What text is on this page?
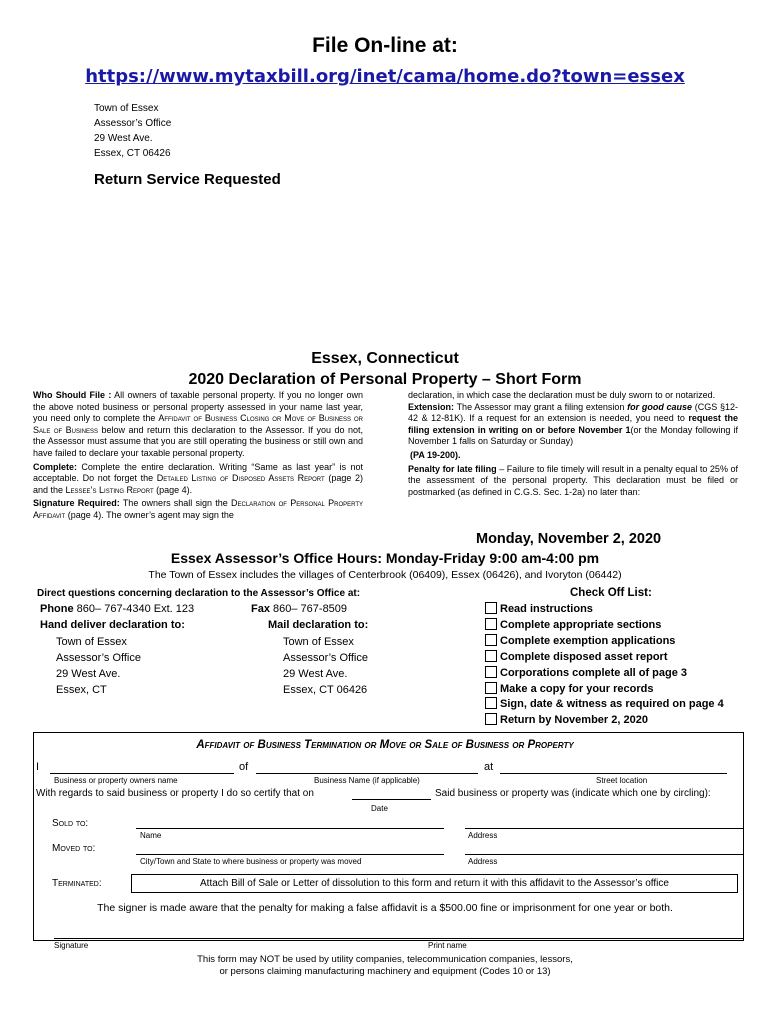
File On-line at:
https://www.mytaxbill.org/inet/cama/home.do?town=essex
Town of Essex
Assessor’s Office
29 West Ave.
Essex, CT 06426
Return Service Requested
Essex, Connecticut
2020 Declaration of Personal Property – Short Form
Who Should File : All owners of taxable personal property. If you no longer own the above noted business or personal property assessed in your name last year, you need only to complete the Affidavit of Business Closing or Move of Business or Sale of Business below and return this declaration to the Assessor. If you do not, the Assessor must assume that you are still operating the business or still own and have failed to declare your taxable personal property.
Complete: Complete the entire declaration. Writing “Same as last year” is not acceptable. Do not forget the Detailed Listing of Disposed Assets Report (page 2) and the Lessee’s Listing Report (page 4).
Signature Required: The owners shall sign the Declaration of Personal Property Affidavit (page 4). The owner’s agent may sign the
declaration, in which case the declaration must be duly sworn to or notarized.
Extension: The Assessor may grant a filing extension for good cause (CGS §12-42 & 12-81K). If a request for an extension is needed, you need to request the filing extension in writing on or before November 1(or the Monday following if November 1 falls on Saturday or Sunday)
(PA 19-200).
Penalty for late filing – Failure to file timely will result in a penalty equal to 25% of the assessment of the personal property. This declaration must be filed or postmarked (as defined in C.G.S. Sec. 1-2a) no later than:
Monday, November 2, 2020
Essex Assessor’s Office Hours: Monday-Friday 9:00 am-4:00 pm
The Town of Essex includes the villages of Centerbrook (06409), Essex (06426), and Ivoryton (06442)
Direct questions concerning declaration to the Assessor’s Office at:
Phone 860– 767-4340 Ext. 123	Fax 860– 767-8509
Hand deliver declaration to:	Mail declaration to:
Town of Essex
Assessor’s Office
29 West Ave.
Essex, CT
Town of Essex
Assessor’s Office
29 West Ave.
Essex, CT 06426
Check Off List:
Read instructions
Complete appropriate sections
Complete exemption applications
Complete disposed asset report
Corporations complete all of page 3
Make a copy for your records
Sign, date & witness as required on page 4
Return by November 2, 2020
Affidavit of Business Termination or Move or Sale of Business or Property
I	of	at
Business or property owners name	Business Name (if applicable)	Street location
With regards to said business or property I do so certify that on	Said business or property was (indicate which one by circling):
Date
Sold to:
Name	Address
Moved to:
City/Town and State to where business or property was moved	Address
Terminated:	Attach Bill of Sale or Letter of dissolution to this form and return it with this affidavit to the Assessor’s office
The signer is made aware that the penalty for making a false affidavit is a $500.00 fine or imprisonment for one year or both.
Signature	Print name
This form may NOT be used by utility companies, telecommunication companies, lessors,
or persons claiming manufacturing machinery and equipment (Codes 10 or 13)
